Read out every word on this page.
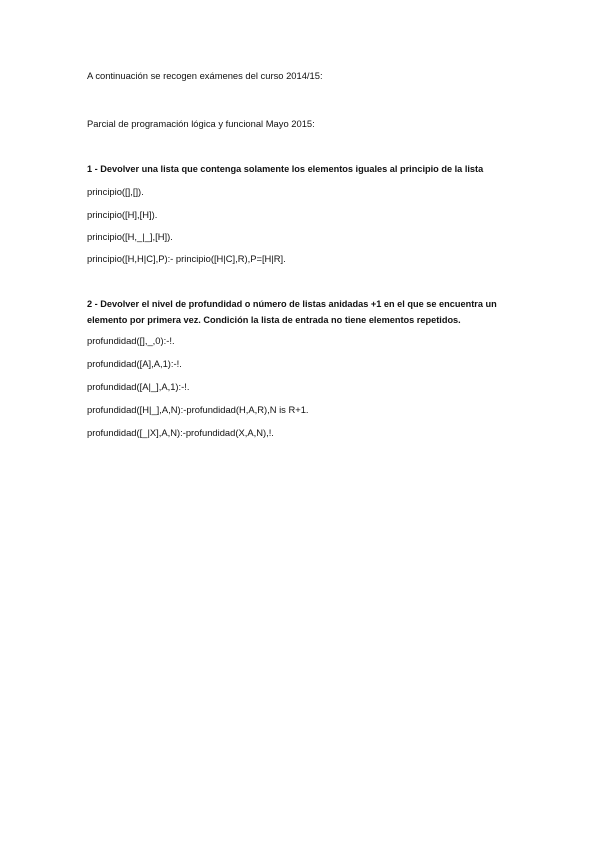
A continuación se recogen exámenes del curso 2014/15:
Parcial de programación lógica y funcional Mayo 2015:
1 - Devolver una lista que contenga solamente los elementos iguales al principio de la lista
principio([],[]).
principio([H],[H]).
principio([H,_|_],[H]).
principio([H,H|C],P):- principio([H|C],R),P=[H|R].
2 - Devolver el nivel de profundidad o número de listas anidadas +1 en el que se encuentra un elemento por primera vez. Condición la lista de entrada no tiene elementos repetidos.
profundidad([],_,0):-!.
profundidad([A],A,1):-!.
profundidad([A|_],A,1):-!.
profundidad([H|_],A,N):-profundidad(H,A,R),N is R+1.
profundidad([_|X],A,N):-profundidad(X,A,N),!.
